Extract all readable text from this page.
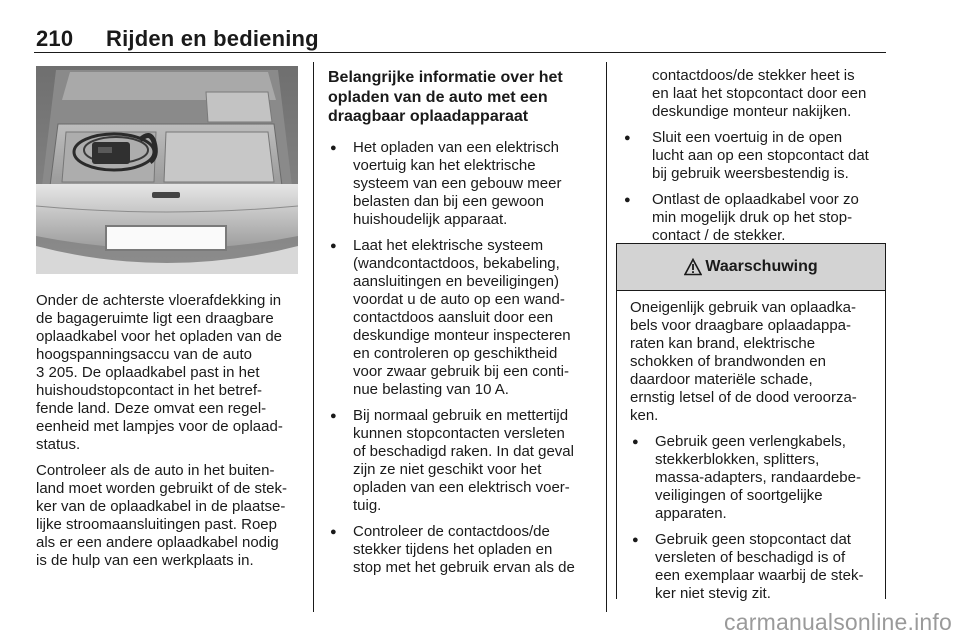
210 Rijden en bediening

Onder de achterste vloerafdekking in
de bagageruimte ligt een draagbare
oplaadkabel voor het opladen van de
hoogspanningsaccu van de auto
3 205. De oplaadkabel past in het
huishoudstopcontact in het betref-
fende land. Deze omvat een regel-
eenheid met lampjes voor de oplaad-
status.

Controleer als de auto in het buiten-
land moet worden gebruikt of de stek-
ker van de oplaadkabel in de plaatse-
lijke stroomaansluitingen past. Roep
als er een andere oplaadkabel nodig
is de hulp van een werkplaats in.

Belangrijke informatie over het
opladen van de auto met een
draagbaar oplaadapparaat
● Het opladen van een elektrisch
voertuig kan het elektrische
systeem van een gebouw meer
belasten dan bij een gewoon
huishoudelijk apparaat.
● Laat het elektrische systeem
(wandcontactdoos, bekabeling,
aansluitingen en beveiligingen)
voordat u de auto op een wand-
contactdoos aansluit door een
deskundige monteur inspecteren
en controleren op geschiktheid
voor zwaar gebruik bij een conti-
nue belasting van 10 A.
● Bij normaal gebruik en mettertijd
kunnen stopcontacten versleten
of beschadigd raken. In dat geval
zijn ze niet geschikt voor het
opladen van een elektrisch voer-
tuig.
● Controleer de contactdoos/de
stekker tijdens het opladen en
stop met het gebruik ervan als de
contactdoos/de stekker heet is
en laat het stopcontact door een
deskundige monteur nakijken.
● Sluit een voertuig in de open
lucht aan op een stopcontact dat
bij gebruik weersbestendig is.
● Ontlast de oplaadkabel voor zo
min mogelijk druk op het stop-
contact / de stekker.
Waarschuwing

Oneigenlijk gebruik van oplaadka-
bels voor draagbare oplaadappa-
raten kan brand, elektrische
schokken of brandwonden en
daardoor materiële schade,
ernstig letsel of de dood veroorza-
ken.

● Gebruik geen verlengkabels,
stekkerblokken, splitters,
massa-adapters, randaardebe-
veiligingen of soortgelijke
apparaten.
● Gebruik geen stopcontact dat
versleten of beschadigd is of
een exemplaar waarbij de stek-
ker niet stevig zit.
carmanualsonline.info
